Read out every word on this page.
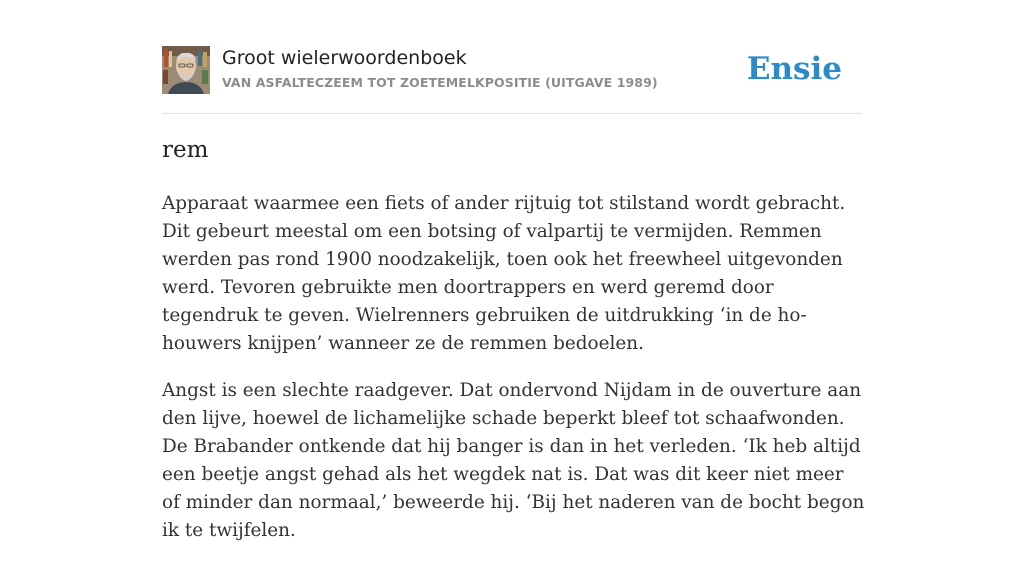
Groot wielerwoordenboek
VAN ASFALTECZEEM TOT ZOETEMELKPOSITIE (UITGAVE 1989)	Ensie
rem

Apparaat waarmee een fiets of ander rijtuig tot stilstand wordt gebracht. Dit gebeurt meestal om een botsing of valpartij te vermijden. Remmen werden pas rond 1900 noodzakelijk, toen ook het freewheel uitgevonden werd. Tevoren gebruikte men doortrappers en werd geremd door tegendruk te geven. Wielrenners gebruiken de uitdrukking ‘in de ho-houwers knijpen’ wanneer ze de remmen bedoelen.

Angst is een slechte raadgever. Dat ondervond Nijdam in de ouverture aan den lijve, hoewel de lichamelijke schade beperkt bleef tot schaafwonden. De Brabander ontkende dat hij banger is dan in het verleden. ‘Ik heb altijd een beetje angst gehad als het wegdek nat is. Dat was dit keer niet meer of minder dan normaal,’ beweerde hij. ‘Bij het naderen van de bocht begon ik te twijfelen.
